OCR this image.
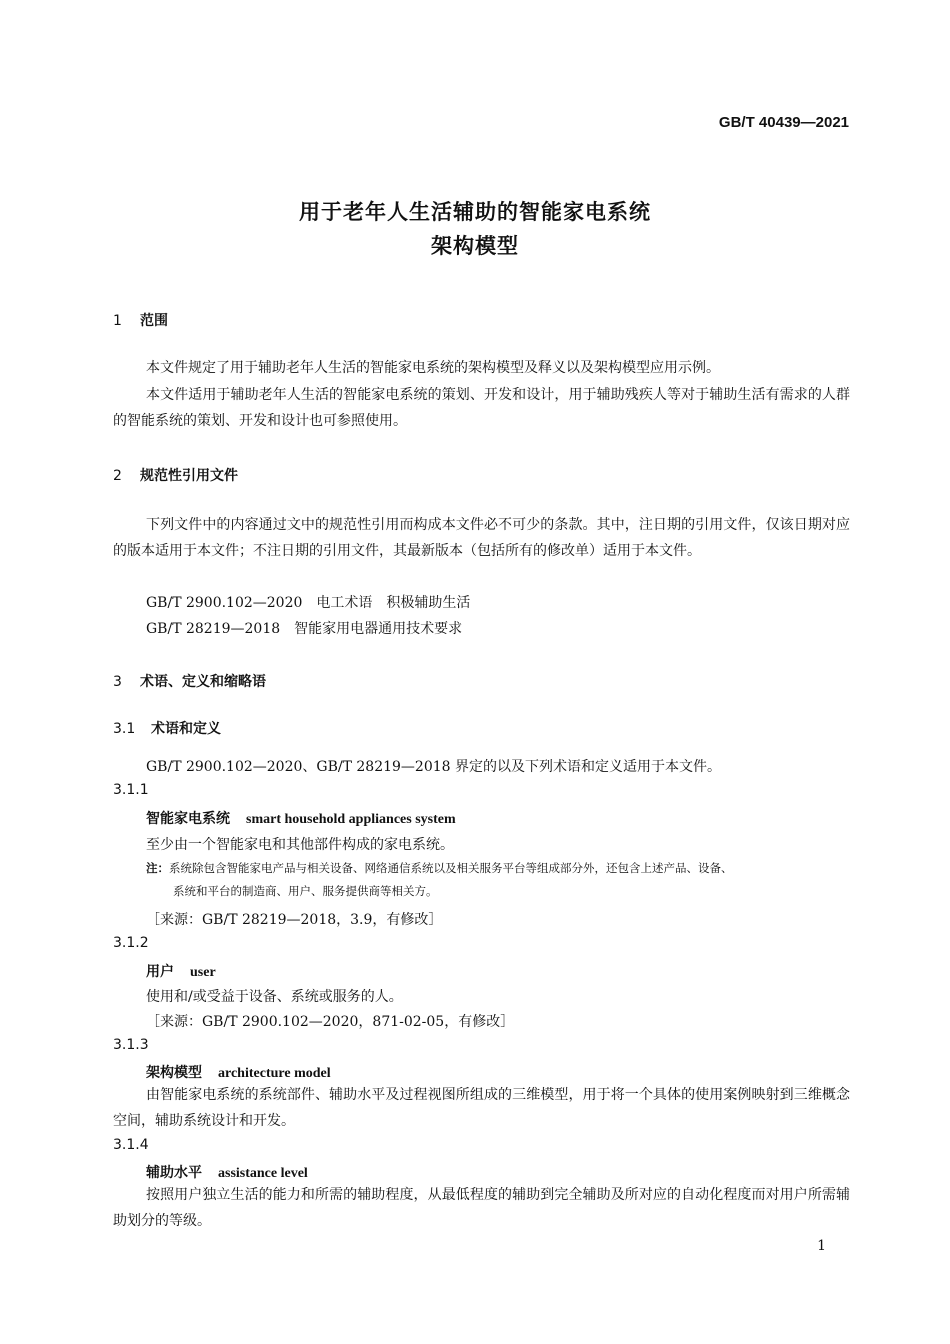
GB/T 40439—2021
用于老年人生活辅助的智能家电系统
架构模型
1 范围
本文件规定了用于辅助老年人生活的智能家电系统的架构模型及释义以及架构模型应用示例。
本文件适用于辅助老年人生活的智能家电系统的策划、开发和设计，用于辅助残疾人等对于辅助生活有需求的人群的智能系统的策划、开发和设计也可参照使用。
2 规范性引用文件
下列文件中的内容通过文中的规范性引用而构成本文件必不可少的条款。其中，注日期的引用文件，仅该日期对应的版本适用于本文件；不注日期的引用文件，其最新版本（包括所有的修改单）适用于本文件。
GB/T 2900.102—2020 电工术语　积极辅助生活
GB/T 28219—2018 智能家用电器通用技术要求
3 术语、定义和缩略语
3.1 术语和定义
GB/T 2900.102—2020、GB/T 28219—2018 界定的以及下列术语和定义适用于本文件。
3.1.1
智能家电系统 smart household appliances system
至少由一个智能家电和其他部件构成的家电系统。
注：系统除包含智能家电产品与相关设备、网络通信系统以及相关服务平台等组成部分外，还包含上述产品、设备、
系统和平台的制造商、用户、服务提供商等相关方。
［来源：GB/T 28219—2018，3.9，有修改］
3.1.2
用户 user
使用和/或受益于设备、系统或服务的人。
［来源：GB/T 2900.102—2020，871-02-05，有修改］
3.1.3
架构模型 architecture model
由智能家电系统的系统部件、辅助水平及过程视图所组成的三维模型，用于将一个具体的使用案例映射到三维概念空间，辅助系统设计和开发。
3.1.4
辅助水平 assistance level
按照用户独立生活的能力和所需的辅助程度，从最低程度的辅助到完全辅助及所对应的自动化程度而对用户所需辅助划分的等级。
1
